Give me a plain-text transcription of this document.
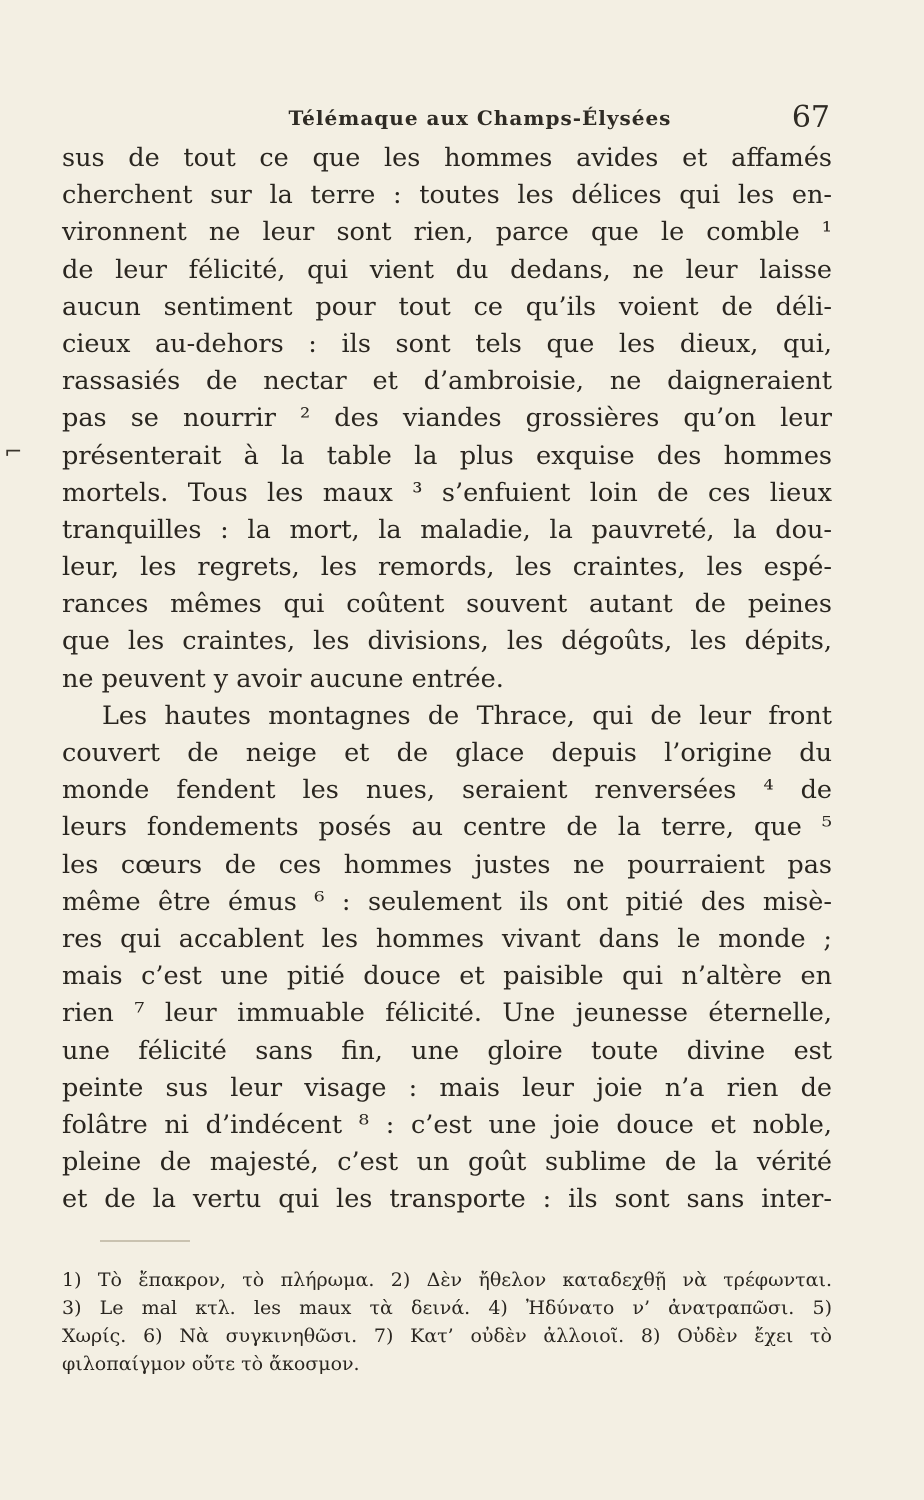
Télémaque aux Champs-Élysées	67
⌐
sus de tout ce que les hommes avides et affamés
cherchent sur la terre : toutes les délices qui les en-
vironnent ne leur sont rien, parce que le comble ¹
de leur félicité, qui vient du dedans, ne leur laisse
aucun sentiment pour tout ce qu’ils voient de déli-
cieux au-dehors : ils sont tels que les dieux, qui,
rassasiés de nectar et d’ambroisie, ne daigneraient
pas se nourrir ² des viandes grossières qu’on leur
présenterait à la table la plus exquise des hommes
mortels. Tous les maux ³ s’enfuient loin de ces lieux
tranquilles : la mort, la maladie, la pauvreté, la dou-
leur, les regrets, les remords, les craintes, les espé-
rances mêmes qui coûtent souvent autant de peines
que les craintes, les divisions, les dégoûts, les dépits,
ne peuvent y avoir aucune entrée.
Les hautes montagnes de Thrace, qui de leur front
couvert de neige et de glace depuis l’origine du
monde fendent les nues, seraient renversées ⁴ de
leurs fondements posés au centre de la terre, que ⁵
les cœurs de ces hommes justes ne pourraient pas
même être émus ⁶ : seulement ils ont pitié des misè-
res qui accablent les hommes vivant dans le monde ;
mais c’est une pitié douce et paisible qui n’altère en
rien ⁷ leur immuable félicité. Une jeunesse éternelle,
une félicité sans fin, une gloire toute divine est
peinte sus leur visage : mais leur joie n’a rien de
folâtre ni d’indécent ⁸ : c’est une joie douce et noble,
pleine de majesté, c’est un goût sublime de la vérité
et de la vertu qui les transporte : ils sont sans inter-
1) Τὸ ἔπακρον, τὸ πλήρωμα. 2) Δὲν ἤθελον καταδεχθῇ νὰ τρέφωνται.
3) Le mal κτλ. les maux τὰ δεινά. 4) Ἠδύνατο ν’ ἀνατραπῶσι. 5)
Χωρίς. 6) Νὰ συγκινηθῶσι. 7) Κατ’ οὐδὲν ἀλλοιοῖ. 8) Οὐδὲν ἔχει τὸ
φιλοπαίγμον οὔτε τὸ ἄκοσμον.
